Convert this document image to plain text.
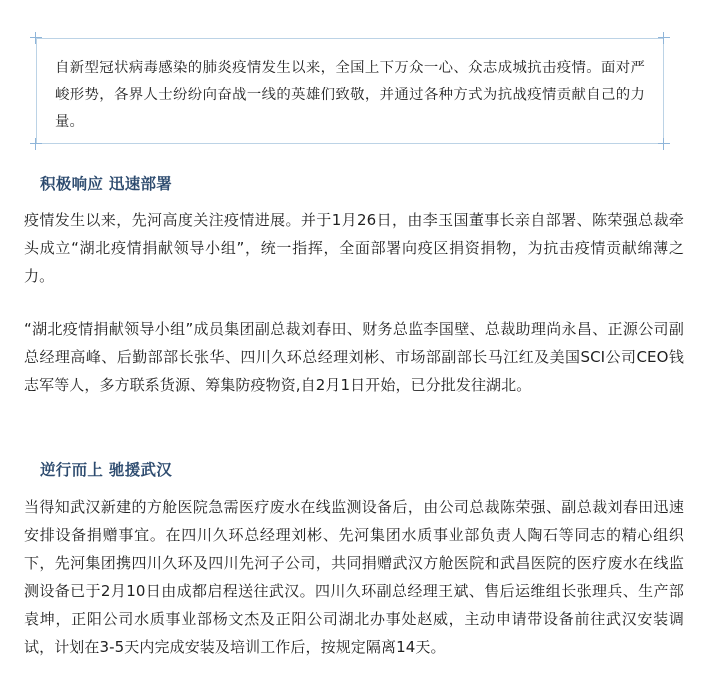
自新型冠状病毒感染的肺炎疫情发生以来，全国上下万众一心、众志成城抗击疫情。面对严峻形势，各界人士纷纷向奋战一线的英雄们致敬，并通过各种方式为抗战疫情贡献自己的力量。

积极响应 迅速部署

疫情发生以来，先河高度关注疫情进展。并于1月26日，由李玉国董事长亲自部署、陈荣强总裁牵头成立“湖北疫情捐献领导小组”，统一指挥，全面部署向疫区捐资捐物，为抗击疫情贡献绵薄之力。

“湖北疫情捐献领导小组”成员集团副总裁刘春田、财务总监李国壁、总裁助理尚永昌、正源公司副总经理高峰、后勤部部长张华、四川久环总经理刘彬、市场部副部长马江红及美国SCI公司CEO钱志军等人，多方联系货源、筹集防疫物资,自2月1日开始，已分批发往湖北。

逆行而上 驰援武汉

当得知武汉新建的方舱医院急需医疗废水在线监测设备后，由公司总裁陈荣强、副总裁刘春田迅速安排设备捐赠事宜。在四川久环总经理刘彬、先河集团水质事业部负责人陶石等同志的精心组织下，先河集团携四川久环及四川先河子公司，共同捐赠武汉方舱医院和武昌医院的医疗废水在线监测设备已于2月10日由成都启程送往武汉。四川久环副总经理王斌、售后运维组长张理兵、生产部袁坤，正阳公司水质事业部杨文杰及正阳公司湖北办事处赵威，主动申请带设备前往武汉安装调试，计划在3-5天内完成安装及培训工作后，按规定隔离14天。
